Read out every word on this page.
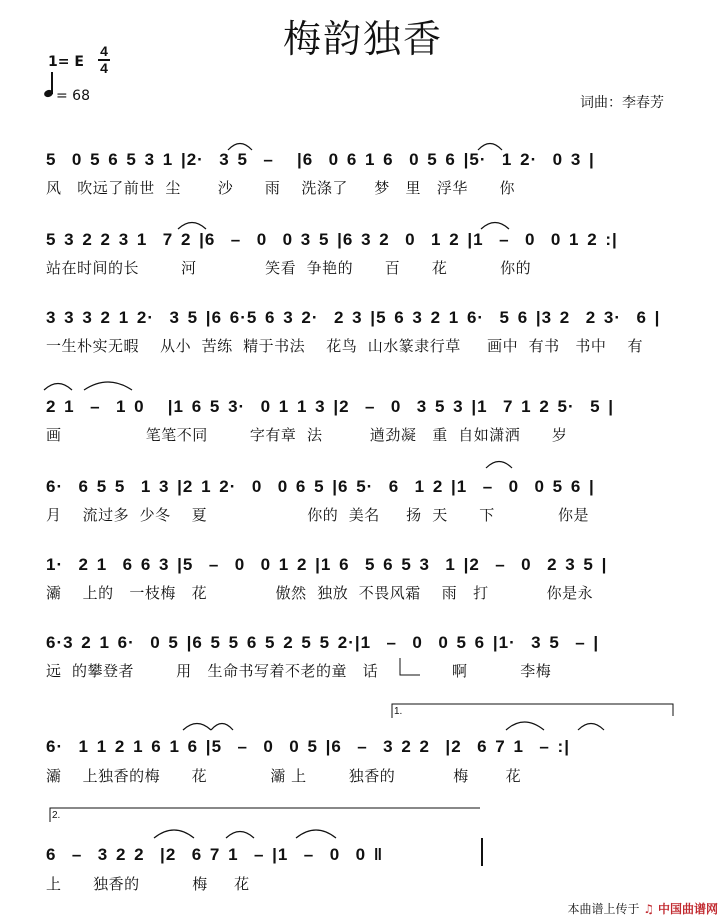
梅韵独香
1= E
4
4
= 68	词曲：李春芳
5  0 5 6 5 3 1 |2·  3 5  –   |6  0 6 1 6  0 5 6 |5·  1 2·  0 3 |
风   吹远了前世  尘       沙      雨    洗涤了     梦   里   浮华      你
5 3 2 2 3 1  7 2 |6  –  0  0 3 5 |6 3 2  0  1 2 |1  –  0  0 1 2 :|
站在时间的长        河             笑看  争艳的      百      花          你的
3 3 3 2 1 2·  3 5 |6 6·5 6 3 2·  2 3 |5 6 3 2 1 6·  5 6 |3 2  2 3·  6 |
一生朴实无暇    从小  苦练  精于书法    花鸟  山水篆隶行草     画中  有书   书中    有
2 1  –  1 0   |1 6 5 3·  0 1 1 3 |2  –  0  3 5 3 |1  7 1 2 5·  5 |
画                笔笔不同        字有章  法         遒劲凝   重  自如潇洒      岁
6·  6 5 5  1 3 |2 1 2·  0  0 6 5 |6 5·  6  1 2 |1  –  0  0 5 6 |
月    流过多  少冬    夏                   你的  美名     扬  天      下            你是
1·  2 1  6 6 3 |5  –  0  0 1 2 |1 6  5 6 5 3  1 |2  –  0  2 3 5 |
灞    上的   一枝梅   花             傲然  独放  不畏风霜    雨   打           你是永
6·3 2 1 6·  0 5 |6 5 5 6 5 2 5 5 2·|1  –  0  0 5 6 |1·  3 5  – |
远  的攀登者        用   生命书写着不老的童   话              啊          李梅
1.
6·  1 1 2 1 6 1 6 |5  –  0  0 5 |6  –  3 2 2  |2  6 7 1  – :|
灞    上独香的梅      花            灞 上        独香的           梅       花
2.
6  –  3 2 2  |2  6 7 1  – |1  –  0  0 ‖
上      独香的          梅     花
本曲谱上传于 ♫ 中国曲谱网
